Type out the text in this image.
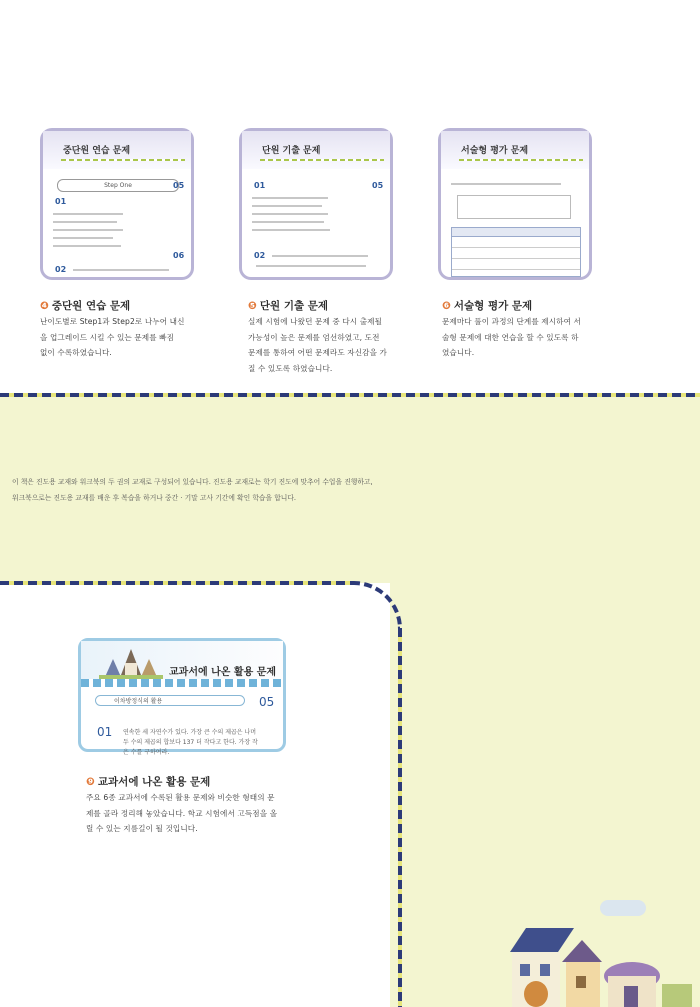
중단원 연습 문제
Step One
01
05
06
02
단원 기출 문제
01	05
02
서술형 평가 문제
❹ 중단원 연습 문제
난이도별로 Step1과 Step2로 나누어 내신
을 업그레이드 시킬 수 있는 문제를 빠짐
없이 수록하였습니다.
❺ 단원 기출 문제
실제 시험에 나왔던 문제 중 다시 출제될
가능성이 높은 문제를 엄선하였고, 도전
문제를 통하여 어떤 문제라도 자신감을 가
질 수 있도록 하였습니다.
❻ 서술형 평가 문제
문제마다 풀이 과정의 단계를 제시하여 서
술형 문제에 대한 연습을 할 수 있도록 하
였습니다.
이 책은 진도용 교재와 워크북의 두 권의 교재로 구성되어 있습니다. 진도용 교재로는 학기 진도에 맞추어 수업을 진행하고,
워크북으로는 진도용 교재를 배운 후 복습을 하거나 중간 · 기말 고사 기간에 확인 학습을 합니다.
교과서에 나온 활용 문제
이차방정식의 활용	05
01 연속한 세 자연수가 있다. 가장 큰 수의 제곱은 나머
두 수의 제곱의 합보다 137 더 작다고 한다. 가장 작
은 수를 구하여라.
❾ 교과서에 나온 활용 문제
주요 6종 교과서에 수록된 활용 문제와 비슷한 형태의 문
제를 골라 정리해 놓았습니다. 학교 시험에서 고득점을 올
릴 수 있는 지름길이 될 것입니다.
